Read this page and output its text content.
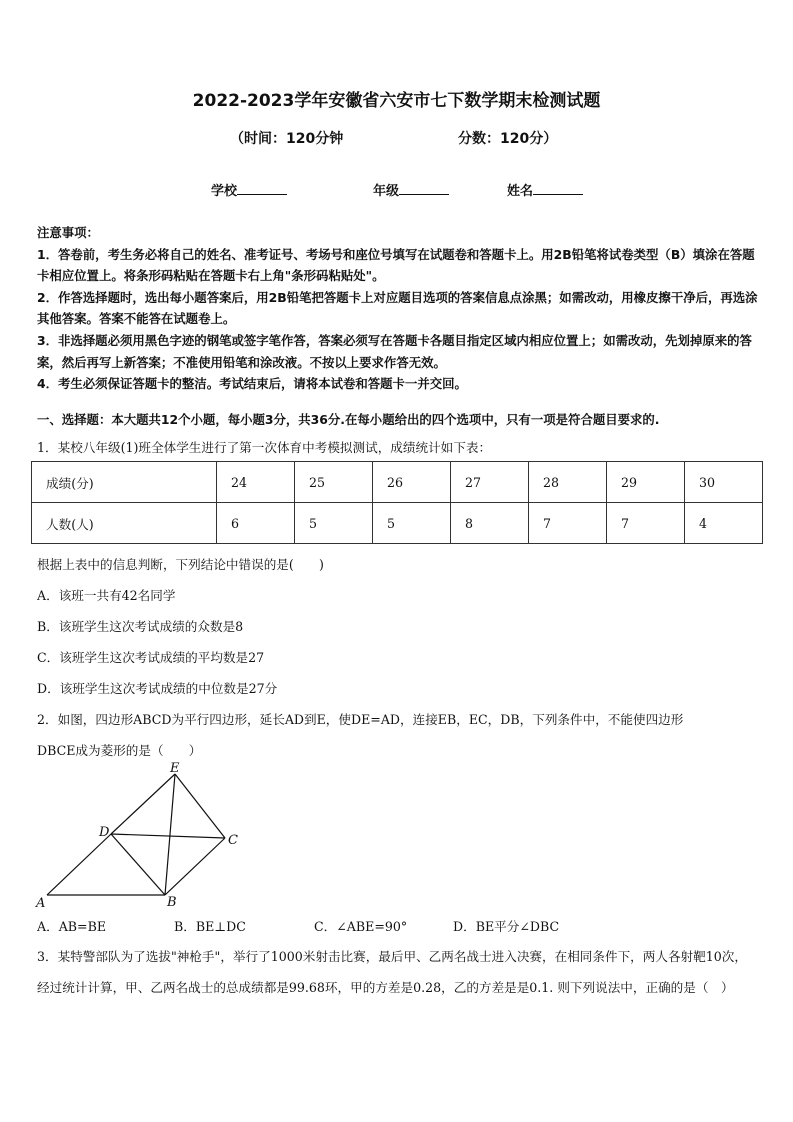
2022-2023学年安徽省六安市七下数学期末检测试题
（时间：120分钟	分数：120分）
学校	年级	姓名

注意事项：

1．答卷前，考生务必将自己的姓名、准考证号、考场号和座位号填写在试题卷和答题卡上。用2B铅笔将试卷类型（B）填涂在答题卡相应位置上。将条形码粘贴在答题卡右上角"条形码粘贴处"。

2．作答选择题时，选出每小题答案后，用2B铅笔把答题卡上对应题目选项的答案信息点涂黑；如需改动，用橡皮擦干净后，再选涂其他答案。答案不能答在试题卷上。

3．非选择题必须用黑色字迹的钢笔或签字笔作答，答案必须写在答题卡各题目指定区域内相应位置上；如需改动，先划掉原来的答案，然后再写上新答案；不准使用铅笔和涂改液。不按以上要求作答无效。

4．考生必须保证答题卡的整洁。考试结束后，请将本试卷和答题卡一并交回。

一、选择题：本大题共12个小题，每小题3分，共36分.在每小题给出的四个选项中，只有一项是符合题目要求的.
1．某校八年级(1)班全体学生进行了第一次体育中考模拟测试，成绩统计如下表：
成绩(分)	24	25	26	27	28	29	30
人数(人)	6	5	5	8	7	7	4
根据上表中的信息判断，下列结论中错误的是(　　)
A．该班一共有42名同学
B．该班学生这次考试成绩的众数是8
C．该班学生这次考试成绩的平均数是27
D．该班学生这次考试成绩的中位数是27分
2．如图，四边形ABCD为平行四边形，延长AD到E，使DE=AD，连接EB，EC，DB，下列条件中，不能使四边形
DBCE成为菱形的是（　　）
A	B
C
D
E
A．AB=BE	B．BE⊥DC	C．∠ABE=90°	D．BE平分∠DBC

3．某特警部队为了选拔"神枪手"，举行了1000米射击比赛，最后甲、乙两名战士进入决赛，在相同条件下，两人各射靶10次，经过统计计算，甲、乙两名战士的总成绩都是99.68环，甲的方差是0.28，乙的方差是是0.1. 则下列说法中，正确的是（　）
